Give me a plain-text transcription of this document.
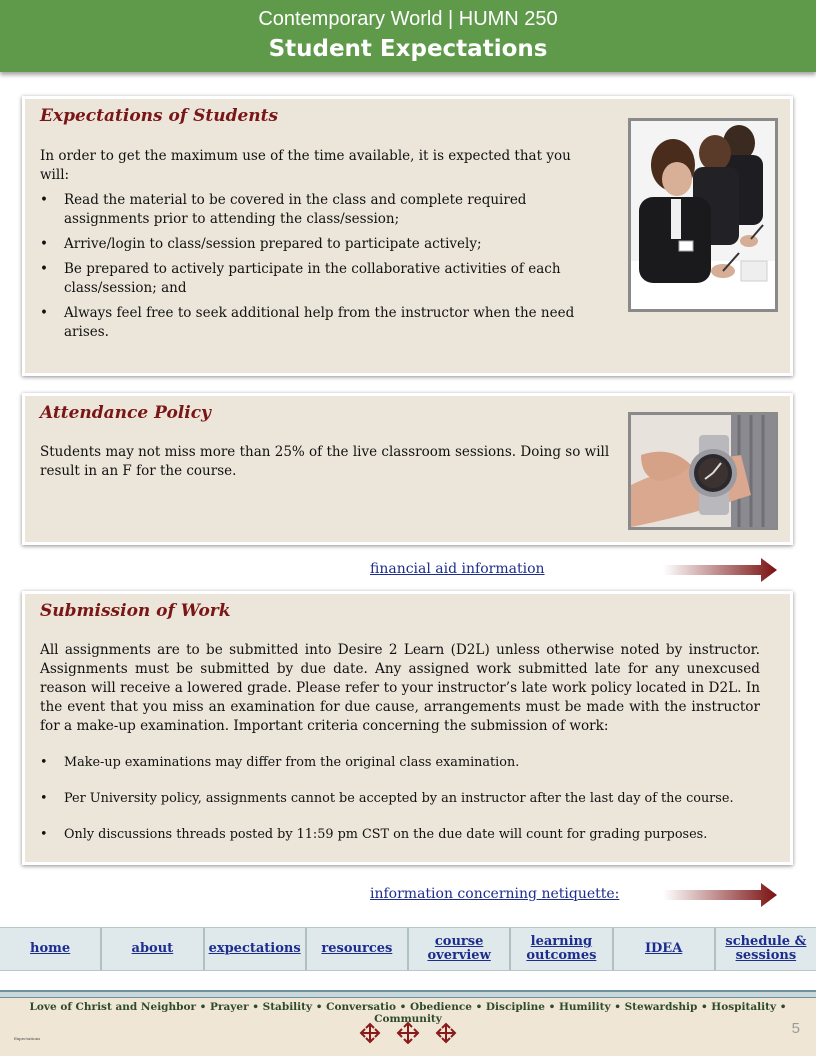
Contemporary World | HUMN 250
Student Expectations
Expectations of Students
In order to get the maximum use of the time available, it is expected that you will:
• Read the material to be covered in the class and complete required assignments prior to attending the class/session;
• Arrive/login to class/session prepared to participate actively;
• Be prepared to actively participate in the collaborative activities of each class/session; and
• Always feel free to seek additional help from the instructor when the need arises.
Attendance Policy
Students may not miss more than 25% of the live classroom sessions. Doing so will result in an F for the course.
financial aid information
Submission of Work
All assignments are to be submitted into Desire 2 Learn (D2L) unless otherwise noted by instructor. Assignments must be submitted by due date. Any assigned work submitted late for any unexcused reason will receive a lowered grade. Please refer to your instructor’s late work policy located in D2L. In the event that you miss an examination for due cause, arrangements must be made with the instructor for a make-up examination. Important criteria concerning the submission of work:
• Make-up examinations may differ from the original class examination.
• Per University policy, assignments cannot be accepted by an instructor after the last day of the course.
• Only discussions threads posted by 11:59 pm CST on the due date will count for grading purposes.
information concerning netiquette:
home	about	expectations	resources	course overview
learning outcomes	IDEA	schedule & sessions
Love of Christ and Neighbor • Prayer • Stability • Conversatio • Obedience • Discipline • Humility • Stewardship • Hospitality • Community
5
Expectations
